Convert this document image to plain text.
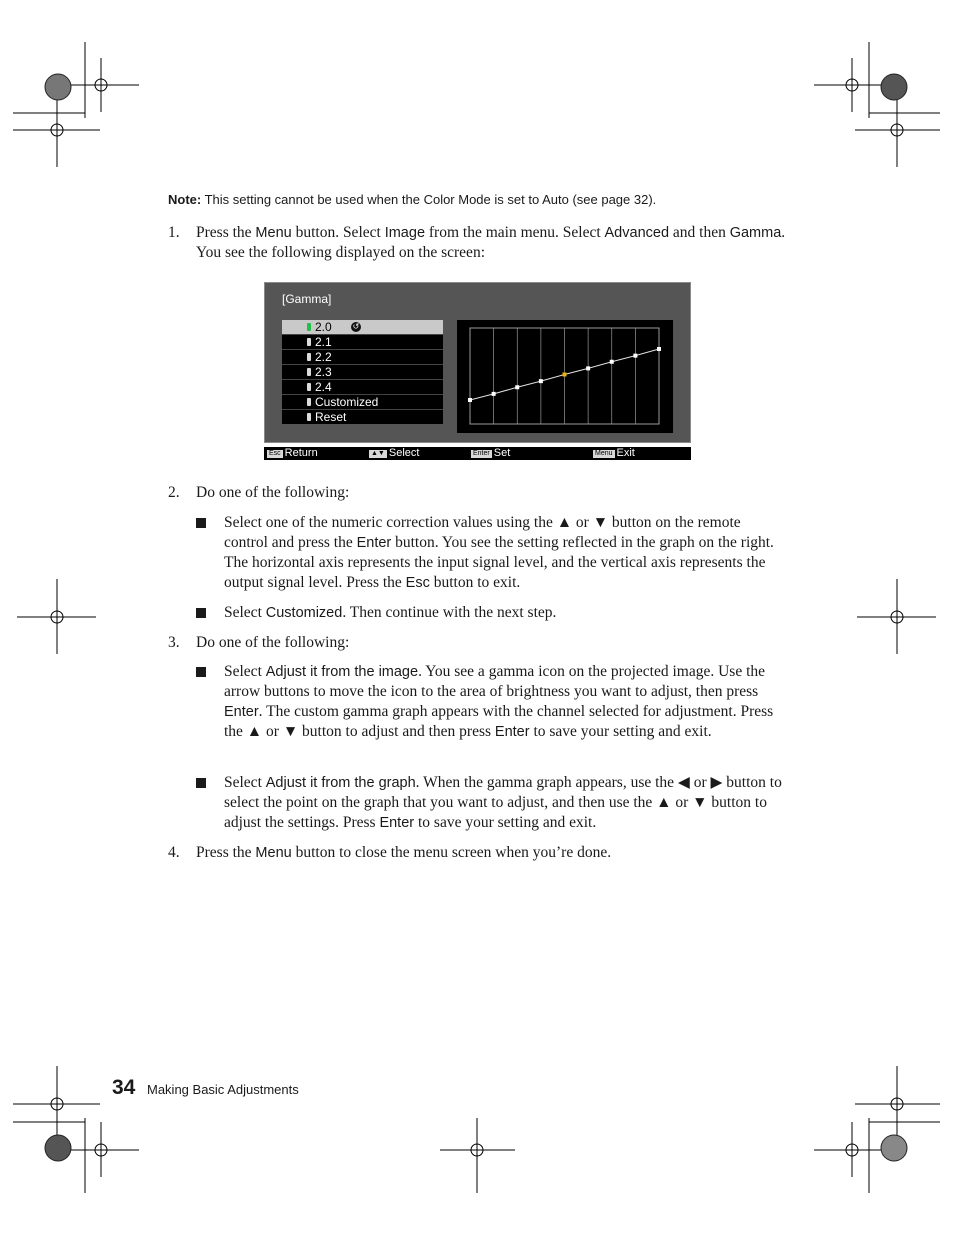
Note: This setting cannot be used when the Color Mode is set to Auto (see page 32).
1. Press the Menu button. Select Image from the main menu. Select Advanced and then Gamma. You see the following displayed on the screen:
[Gamma]
2.0	↺
2.1
2.2
2.3
2.4
Customized
Reset
Esc Return	▲▼ Select	Enter Set	Menu Exit
2. Do one of the following:
Select one of the numeric correction values using the ▲ or ▼ button on the remote control and press the Enter button. You see the setting reflected in the graph on the right. The horizontal axis represents the input signal level, and the vertical axis represents the output signal level. Press the Esc button to exit.
Select Customized. Then continue with the next step.
3. Do one of the following:
Select Adjust it from the image. You see a gamma icon on the projected image. Use the arrow buttons to move the icon to the area of brightness you want to adjust, then press Enter. The custom gamma graph appears with the channel selected for adjustment. Press the ▲ or ▼ button to adjust and then press Enter to save your setting and exit.
Select Adjust it from the graph. When the gamma graph appears, use the ◀ or ▶ button to select the point on the graph that you want to adjust, and then use the ▲ or ▼ button to adjust the settings. Press Enter to save your setting and exit.
4. Press the Menu button to close the menu screen when you’re done.
34 Making Basic Adjustments
